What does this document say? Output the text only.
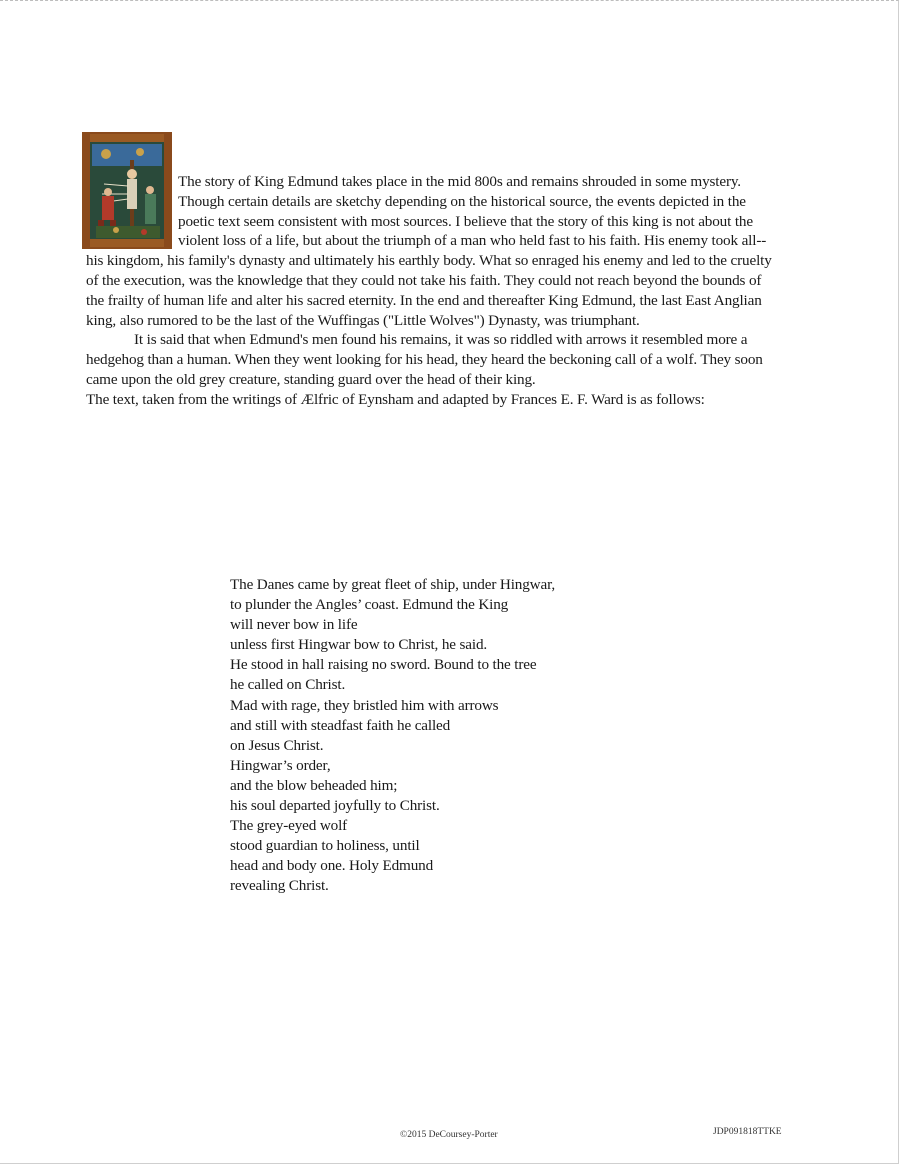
The story of King Edmund takes place in the mid 800s and remains shrouded in some mystery. Though certain details are sketchy depending on the historical source, the events depicted in the poetic text seem consistent with most sources. I believe that the story of this king is not about the violent loss of a life, but about the triumph of a man who held fast to his faith. His enemy took all-- his kingdom, his family's dynasty and ultimately his earthly body. What so enraged his enemy and led to the cruelty of the execution, was the knowledge that they could not take his faith. They could not reach beyond the bounds of the frailty of human life and alter his sacred eternity. In the end and thereafter King Edmund, the last East Anglian king, also rumored to be the last of the Wuffingas ("Little Wolves") Dynasty, was triumphant.

It is said that when Edmund's men found his remains, it was so riddled with arrows it resembled more a hedgehog than a human. When they went looking for his head, they heard the beckoning call of a wolf. They soon came upon the old grey creature, standing guard over the head of their king.

The text, taken from the writings of Ælfric of Eynsham and adapted by Frances E. F. Ward is as follows:

The Danes came by great fleet of ship, under Hingwar,
to plunder the Angles’ coast. Edmund the King
will never bow in life
unless first Hingwar bow to Christ, he said.
He stood in hall raising no sword. Bound to the tree
he called on Christ.
Mad with rage, they bristled him with arrows
and still with steadfast faith he called
on Jesus Christ.
Hingwar’s order,
and the blow beheaded him;
his soul departed joyfully to Christ.
The grey-eyed wolf
stood guardian to holiness, until
head and body one. Holy Edmund
revealing Christ.
©2015 DeCoursey-Porter	JDP091818TTKE
